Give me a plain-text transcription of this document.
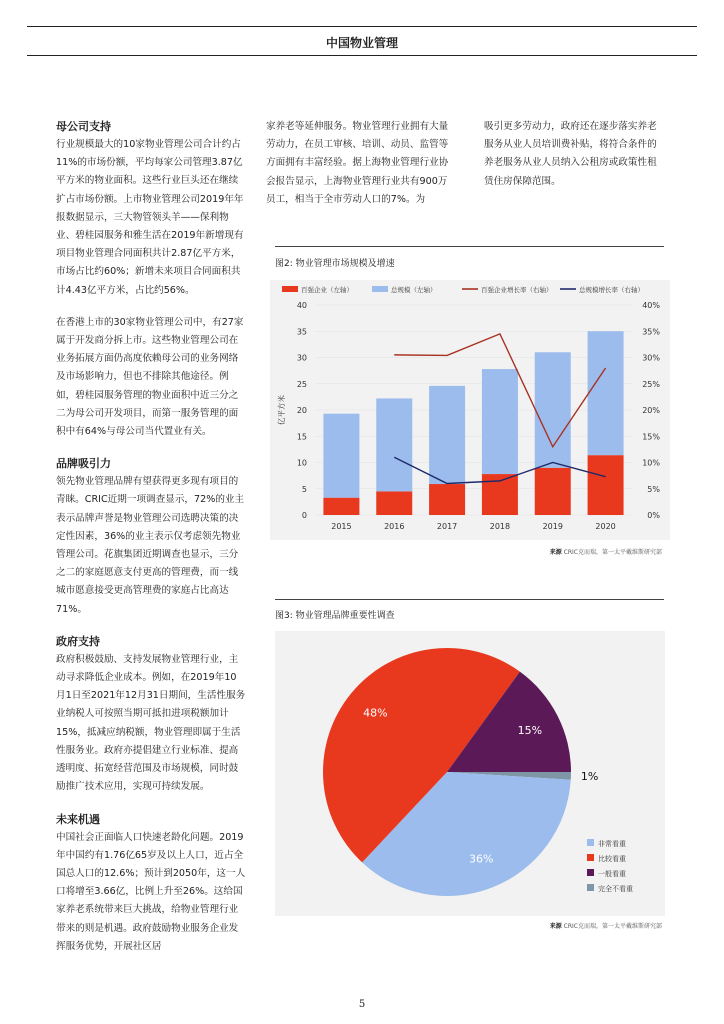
中国物业管理
母公司支持

行业规模最大的10家物业管理公司合计约占11%的市场份额，平均每家公司管理3.87亿平方米的物业面积。这些行业巨头还在继续扩占市场份额。上市物业管理公司2019年年报数据显示，三大物管领头羊——保利物业、碧桂园服务和雅生活在2019年新增现有项目物业管理合同面积共计2.87亿平方米，市场占比约60%；新增未来项目合同面积共计4.43亿平方米，占比约56%。

在香港上市的30家物业管理公司中，有27家属于开发商分拆上市。这些物业管理公司在业务拓展方面仍高度依赖母公司的业务网络及市场影响力，但也不排除其他途径。例如，碧桂园服务管理的物业面积中近三分之二为母公司开发项目，而第一服务管理的面积中有64%与母公司当代置业有关。

品牌吸引力

领先物业管理品牌有望获得更多现有项目的青睐。CRIC近期一项调查显示，72%的业主表示品牌声誉是物业管理公司选聘决策的决定性因素，36%的业主表示仅考虑领先物业管理公司。花旗集团近期调查也显示，三分之二的家庭愿意支付更高的管理费，而一线城市愿意接受更高管理费的家庭占比高达71%。

政府支持

政府积极鼓励、支持发展物业管理行业，主动寻求降低企业成本。例如，在2019年10月1日至2021年12月31日期间，生活性服务业纳税人可按照当期可抵扣进项税额加计15%，抵减应纳税额，物业管理即属于生活性服务业。政府亦提倡建立行业标准、提高透明度、拓宽经营范围及市场规模，同时鼓励推广技术应用，实现可持续发展。

未来机遇

中国社会正面临人口快速老龄化问题。2019年中国约有1.76亿65岁及以上人口，近占全国总人口的12.6%；预计到2050年，这一人口将增至3.66亿，比例上升至26%。这给国家养老系统带来巨大挑战，给物业管理行业带来的则是机遇。政府鼓励物业服务企业发挥服务优势，开展社区居

家养老等延伸服务。物业管理行业拥有大量劳动力，在员工审核、培训、动员、监管等方面拥有丰富经验。据上海物业管理行业协会报告显示，上海物业管理行业共有900万员工，相当于全市劳动人口的7%。为

吸引更多劳动力，政府还在逐步落实养老服务从业人员培训费补贴，将符合条件的养老服务从业人员纳入公租房或政策性租赁住房保障范围。

图2: 物业管理市场规模及增速
0
5
10
15
20
25
30
35
40
0%
5%
10%
15%
20%
25%
30%
35%
40%
亿平方米
2015	2016	2017	2018	2019	2020
百强企业（左轴）	总规模（左轴）	百强企业增长率（右轴）	总规模增长率（右轴）
来源 CRIC克而瑞，第一太平戴维斯研究部
图3: 物业管理品牌重要性调查
1%
36%
48%
15%
非常看重
比较看重
一般看重
完全不看重
来源 CRIC克而瑞，第一太平戴维斯研究部
5
